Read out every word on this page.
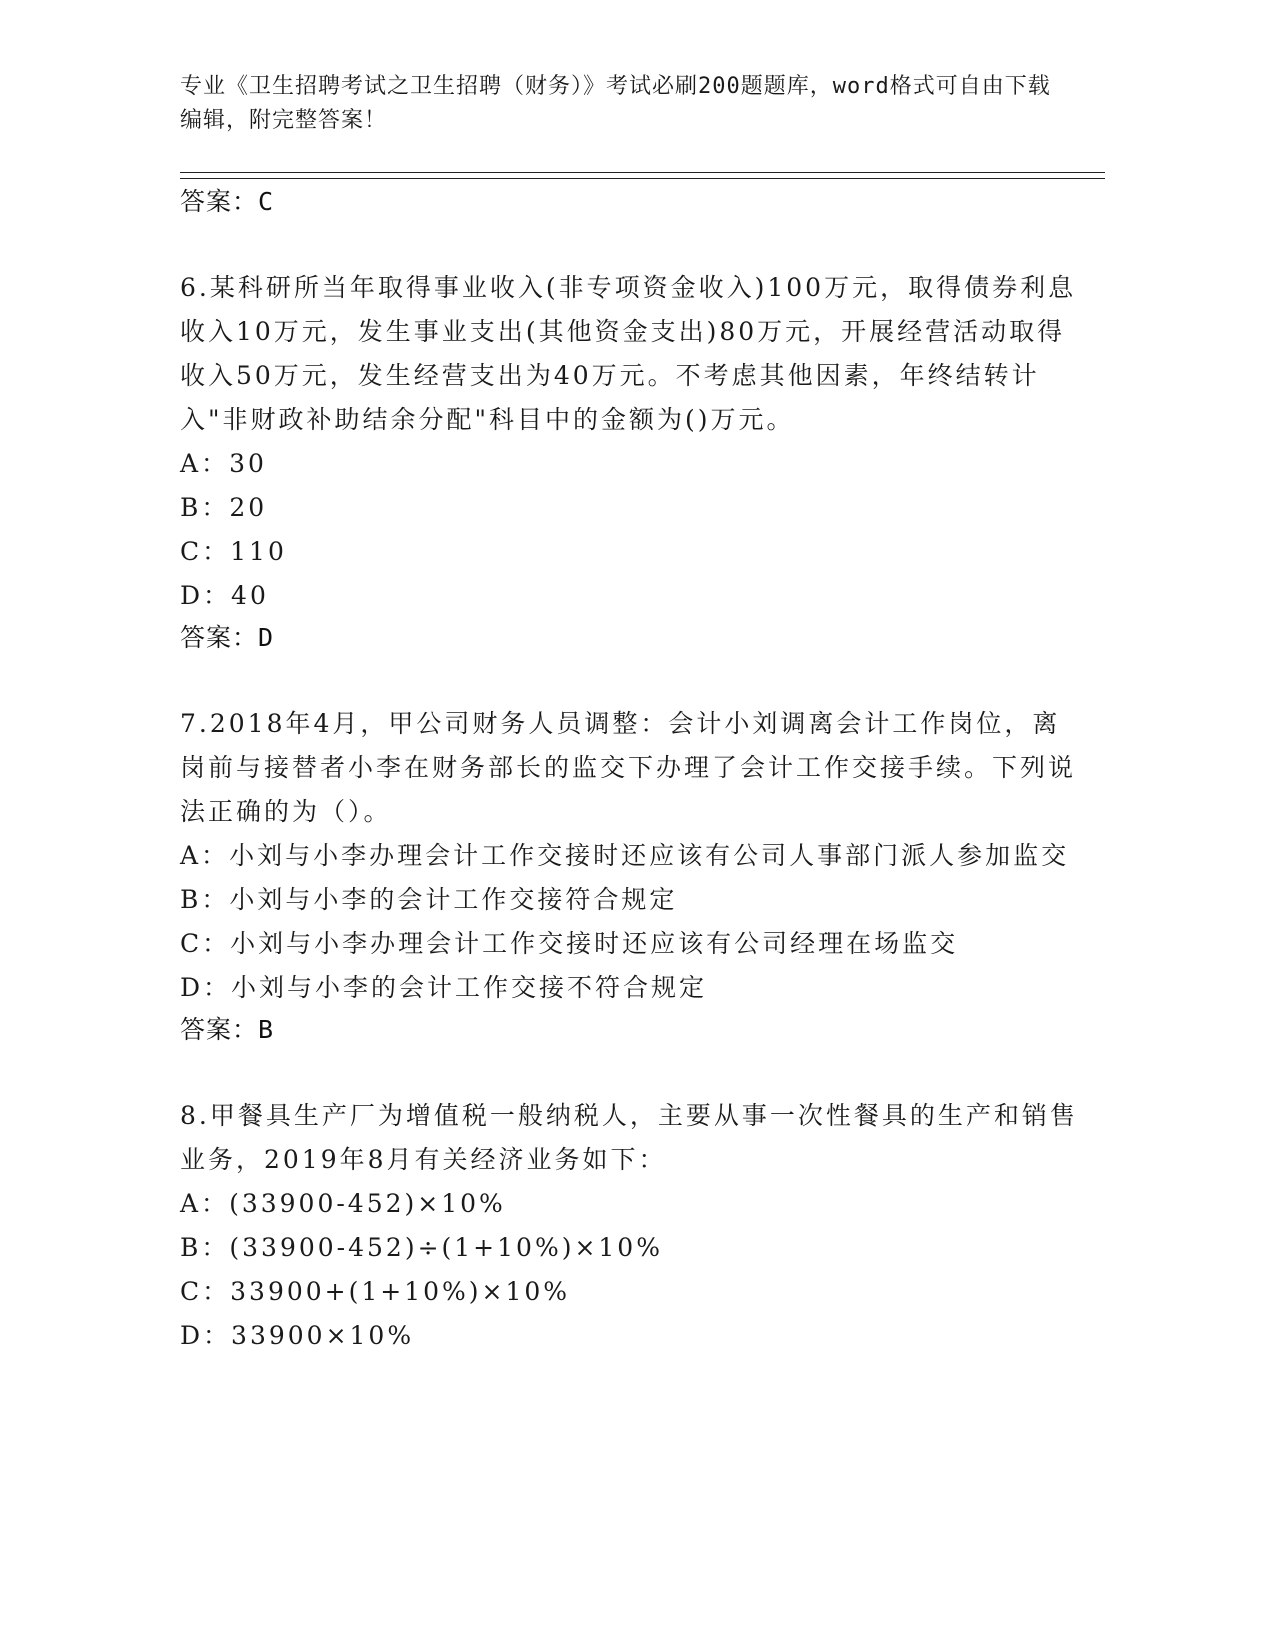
专业《卫生招聘考试之卫生招聘（财务）》考试必刷200题题库，word格式可自由下载编辑，附完整答案！
答案：C
6.某科研所当年取得事业收入(非专项资金收入)100万元，取得债券利息收入10万元，发生事业支出(其他资金支出)80万元，开展经营活动取得收入50万元，发生经营支出为40万元。不考虑其他因素，年终结转计入"非财政补助结余分配"科目中的金额为()万元。
A：30
B：20
C：110
D：40
答案：D
7.2018年4月，甲公司财务人员调整：会计小刘调离会计工作岗位，离岗前与接替者小李在财务部长的监交下办理了会计工作交接手续。下列说法正确的为（）。
A：小刘与小李办理会计工作交接时还应该有公司人事部门派人参加监交
B：小刘与小李的会计工作交接符合规定
C：小刘与小李办理会计工作交接时还应该有公司经理在场监交
D：小刘与小李的会计工作交接不符合规定
答案：B
8.甲餐具生产厂为增值税一般纳税人，主要从事一次性餐具的生产和销售业务，2019年8月有关经济业务如下：
A：(33900-452)×10%
B：(33900-452)÷(1+10%)×10%
C：33900+(1+10%)×10%
D：33900×10%
